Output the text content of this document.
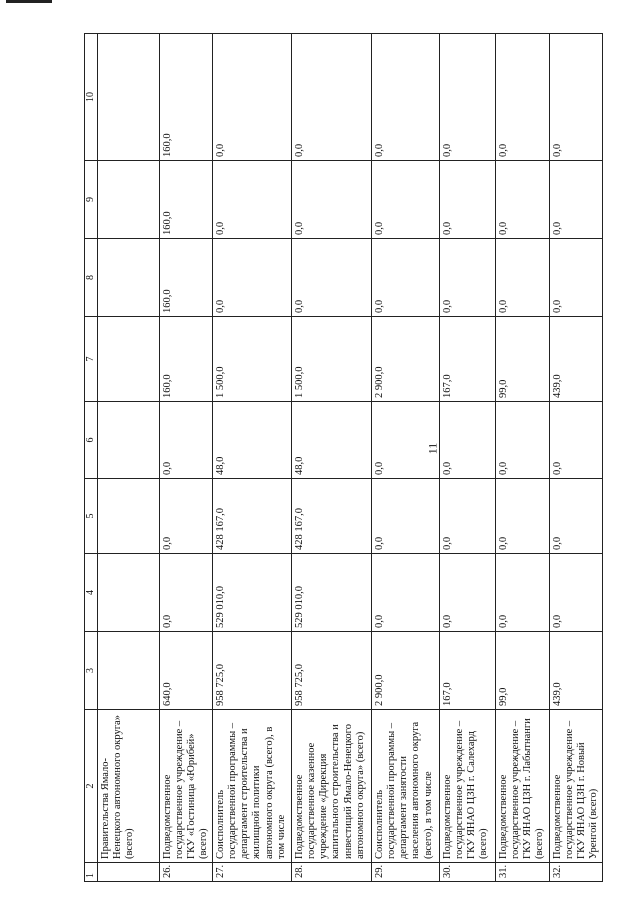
11
1	2	3	4	5	6	7	8	9	10
	Правительства Ямало-Ненецкого автономного округа» (всего)								
26.	Подведомственное государственное учреждение – ГКУ «Гостиница «Юрибей» (всего)	640,0	0,0	0,0	0,0	160,0	160,0	160,0	160,0
27.	Соисполнитель государственной программы – департамент строительства и жилищной политики автономного округа (всего), в том числе	958 725,0	529 010,0	428 167,0	48,0	1 500,0	0,0	0,0	0,0
28.	Подведомственное государственное казенное учреждение «Дирекция капитального строительства и инвестиций Ямало-Ненецкого автономного округа» (всего)	958 725,0	529 010,0	428 167,0	48,0	1 500,0	0,0	0,0	0,0
29.	Соисполнитель государственной программы – департамент занятости населения автономного округа (всего), в том числе	2 900,0	0,0	0,0	0,0	2 900,0	0,0	0,0	0,0
30.	Подведомственное государственное учреждение – ГКУ ЯНАО ЦЗН г. Салехард (всего)	167,0	0,0	0,0	0,0	167,0	0,0	0,0	0,0
31.	Подведомственное государственное учреждение – ГКУ ЯНАО ЦЗН г. Лабытнанги (всего)	99,0	0,0	0,0	0,0	99,0	0,0	0,0	0,0
32.	Подведомственное государственное учреждение – ГКУ ЯНАО ЦЗН г. Новый Уренгой (всего)	439,0	0,0	0,0	0,0	439,0	0,0	0,0	0,0
